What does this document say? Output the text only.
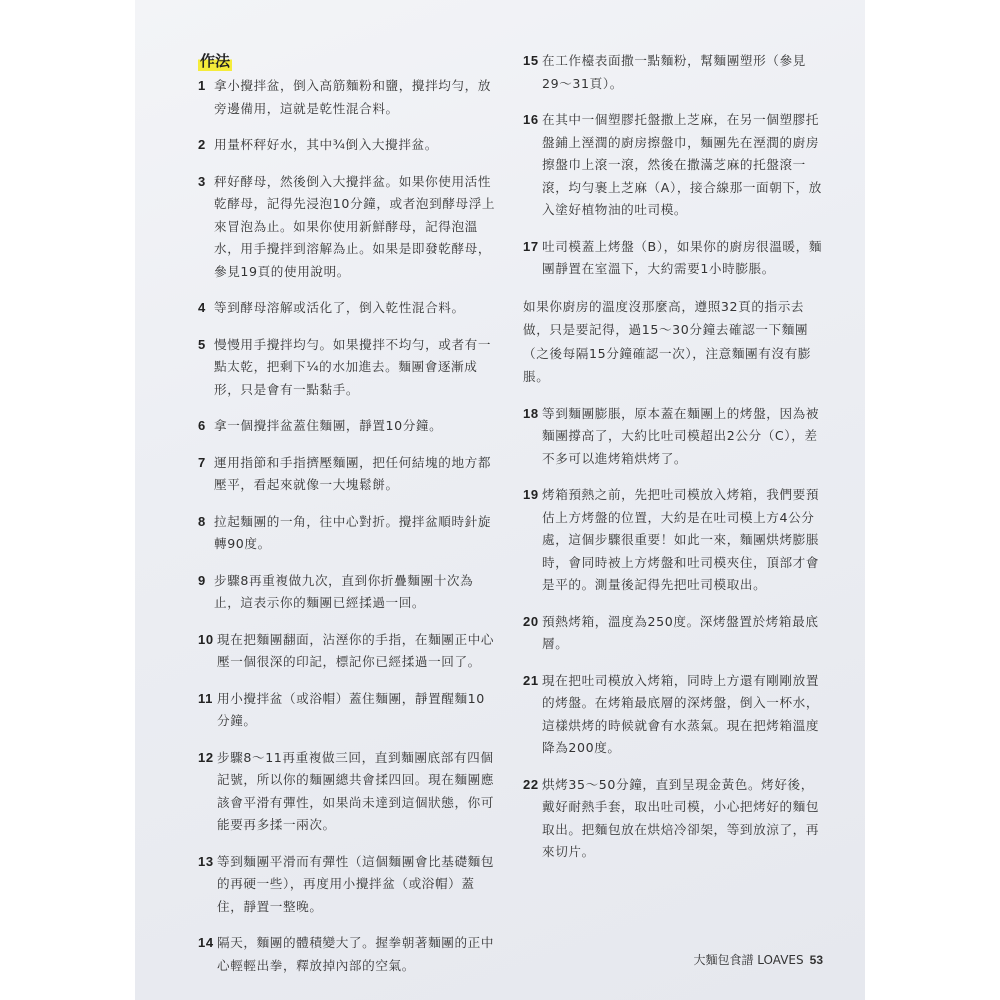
作法
1 拿小攪拌盆，倒入高筋麵粉和鹽，攪拌均勻，放旁邊備用，這就是乾性混合料。
2 用量杯秤好水，其中¾倒入大攪拌盆。
3 秤好酵母，然後倒入大攪拌盆。如果你使用活性乾酵母，記得先浸泡10分鐘，或者泡到酵母浮上來冒泡為止。如果你使用新鮮酵母，記得泡溫水，用手攪拌到溶解為止。如果是即發乾酵母，參見19頁的使用說明。
4 等到酵母溶解或活化了，倒入乾性混合料。
5 慢慢用手攪拌均勻。如果攪拌不均勻，或者有一點太乾，把剩下¼的水加進去。麵團會逐漸成形，只是會有一點黏手。
6 拿一個攪拌盆蓋住麵團，靜置10分鐘。
7 運用指節和手指擠壓麵團，把任何結塊的地方都壓平，看起來就像一大塊鬆餅。
8 拉起麵團的一角，往中心對折。攪拌盆順時針旋轉90度。
9 步驟8再重複做九次，直到你折疊麵團十次為止，這表示你的麵團已經揉過一回。
10 現在把麵團翻面，沾溼你的手指，在麵團正中心壓一個很深的印記，標記你已經揉過一回了。
11 用小攪拌盆（或浴帽）蓋住麵團，靜置醒麵10分鐘。
12 步驟8～11再重複做三回，直到麵團底部有四個記號，所以你的麵團總共會揉四回。現在麵團應該會平滑有彈性，如果尚未達到這個狀態，你可能要再多揉一兩次。
13 等到麵團平滑而有彈性（這個麵團會比基礎麵包的再硬一些），再度用小攪拌盆（或浴帽）蓋住，靜置一整晚。
14 隔天，麵團的體積變大了。握拳朝著麵團的正中心輕輕出拳，釋放掉內部的空氣。
15 在工作檯表面撒一點麵粉，幫麵團塑形（參見29～31頁）。
16 在其中一個塑膠托盤撒上芝麻，在另一個塑膠托盤鋪上溼潤的廚房擦盤巾，麵團先在溼潤的廚房擦盤巾上滾一滾，然後在撒滿芝麻的托盤滾一滾，均勻裹上芝麻（A），接合線那一面朝下，放入塗好植物油的吐司模。
17 吐司模蓋上烤盤（B），如果你的廚房很溫暖，麵團靜置在室溫下，大約需要1小時膨脹。
如果你廚房的溫度沒那麼高，遵照32頁的指示去做，只是要記得，過15～30分鐘去確認一下麵團（之後每隔15分鐘確認一次），注意麵團有沒有膨脹。
18 等到麵團膨脹，原本蓋在麵團上的烤盤，因為被麵團撐高了，大約比吐司模超出2公分（C），差不多可以進烤箱烘烤了。
19 烤箱預熱之前，先把吐司模放入烤箱，我們要預估上方烤盤的位置，大約是在吐司模上方4公分處，這個步驟很重要！如此一來，麵團烘烤膨脹時，會同時被上方烤盤和吐司模夾住，頂部才會是平的。測量後記得先把吐司模取出。
20 預熱烤箱，溫度為250度。深烤盤置於烤箱最底層。
21 現在把吐司模放入烤箱，同時上方還有剛剛放置的烤盤。在烤箱最底層的深烤盤，倒入一杯水，這樣烘烤的時候就會有水蒸氣。現在把烤箱溫度降為200度。
22 烘烤35～50分鐘，直到呈現金黃色。烤好後，戴好耐熱手套，取出吐司模，小心把烤好的麵包取出。把麵包放在烘焙冷卻架，等到放涼了，再來切片。
大麵包食譜 LOAVES 53
